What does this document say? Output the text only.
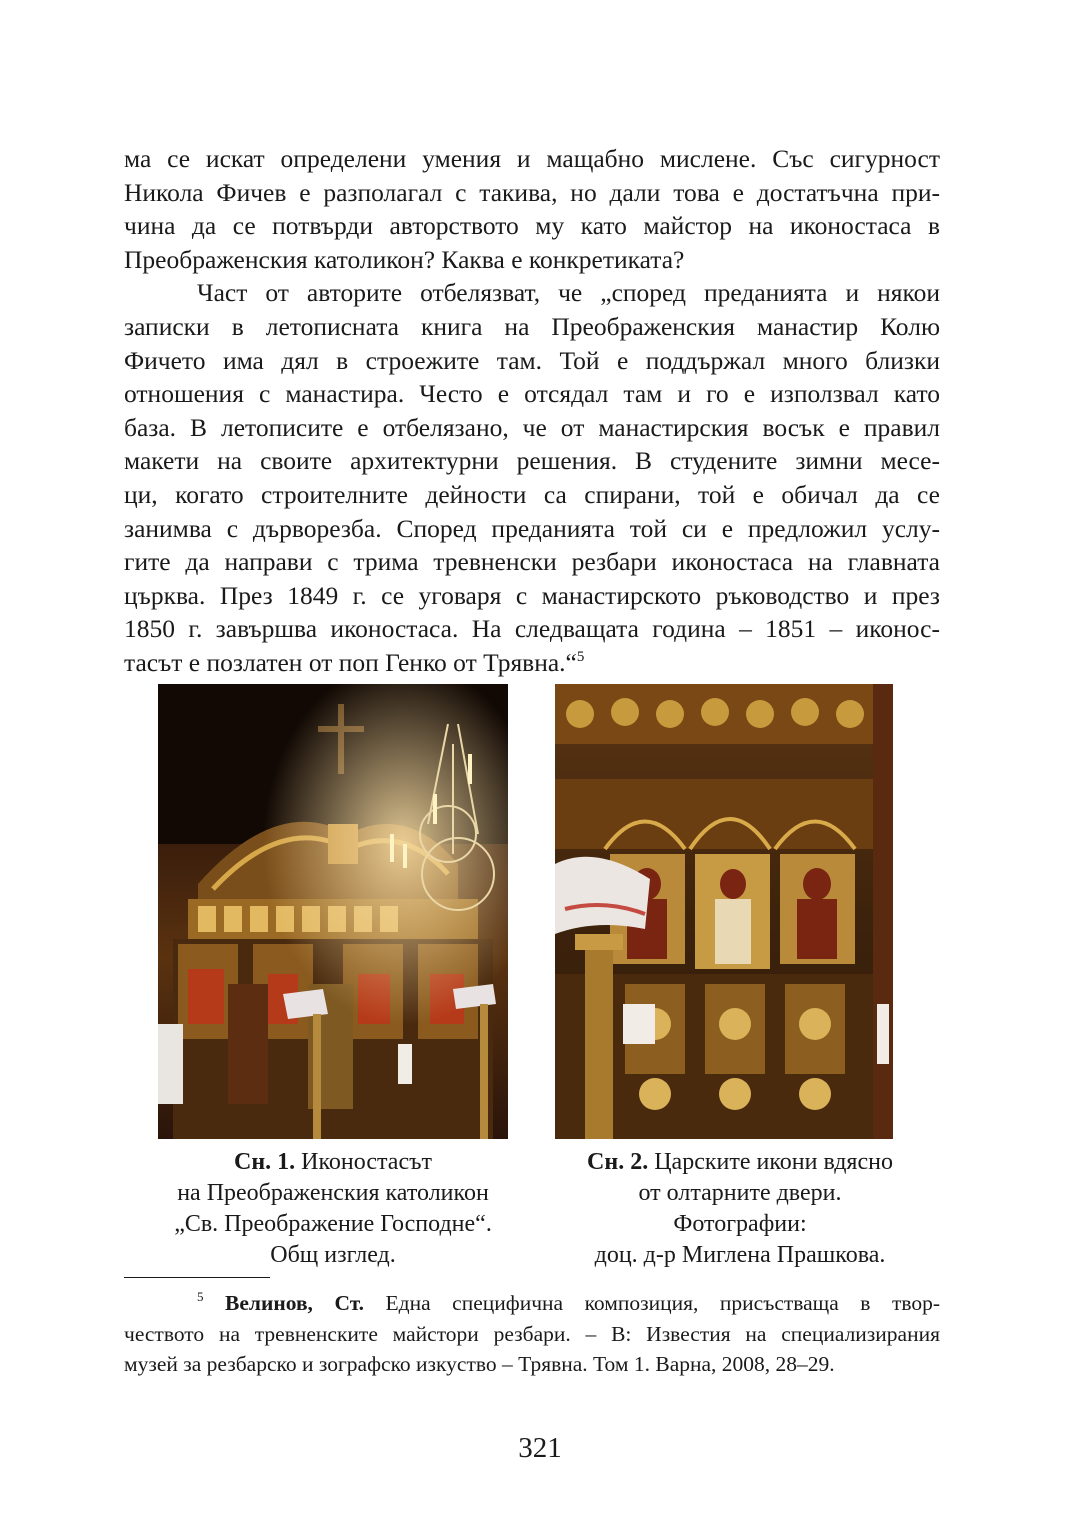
ма се искат определени умения и мащабно мислене. Със сигурност
Никола Фичев е разполагал с такива, но дали това е достатъчна при-
чина да се потвърди авторството му като майстор на иконостаса в
Преображенския католикон? Каква е конкретиката?

Част от авторите отбелязват, че „според преданията и някои
записки в летописната книга на Преображенския манастир Колю
Фичето има дял в строежите там. Той е поддържал много близки
отношения с манастира. Често е отсядал там и го е използвал като
база. В летописите е отбелязано, че от манастирския восък е правил
макети на своите архитектурни решения. В студените зимни месе-
ци, когато строителните дейности са спирани, той е обичал да се
занимва с дърворезба. Според преданията той си е предложил услу-
гите да направи с трима тревненски резбари иконостаса на главната
църква. През 1849 г. се уговаря с манастирското ръководство и през
1850 г. завършва иконостаса. На следващата година – 1851 – иконос-
тасът е позлатен от поп Генко от Трявна.“$^5$

Сн. 1. Иконостасът
на Преображенския католикон
„Св. Преображение Господне“.
Общ изглед.
Сн. 2. Царските икони вдясно
от олтарните двери.
Фотографии:
доц. д-р Миглена Прашкова.
$^5$ Велинов, Ст. Една специфична композиция, присъстваща в твор-
чеството на тревненските майстори резбари. – В: Известия на специализирания
музей за резбарско и зографско изкуство – Трявна. Том 1. Варна, 2008, 28–29.
321
